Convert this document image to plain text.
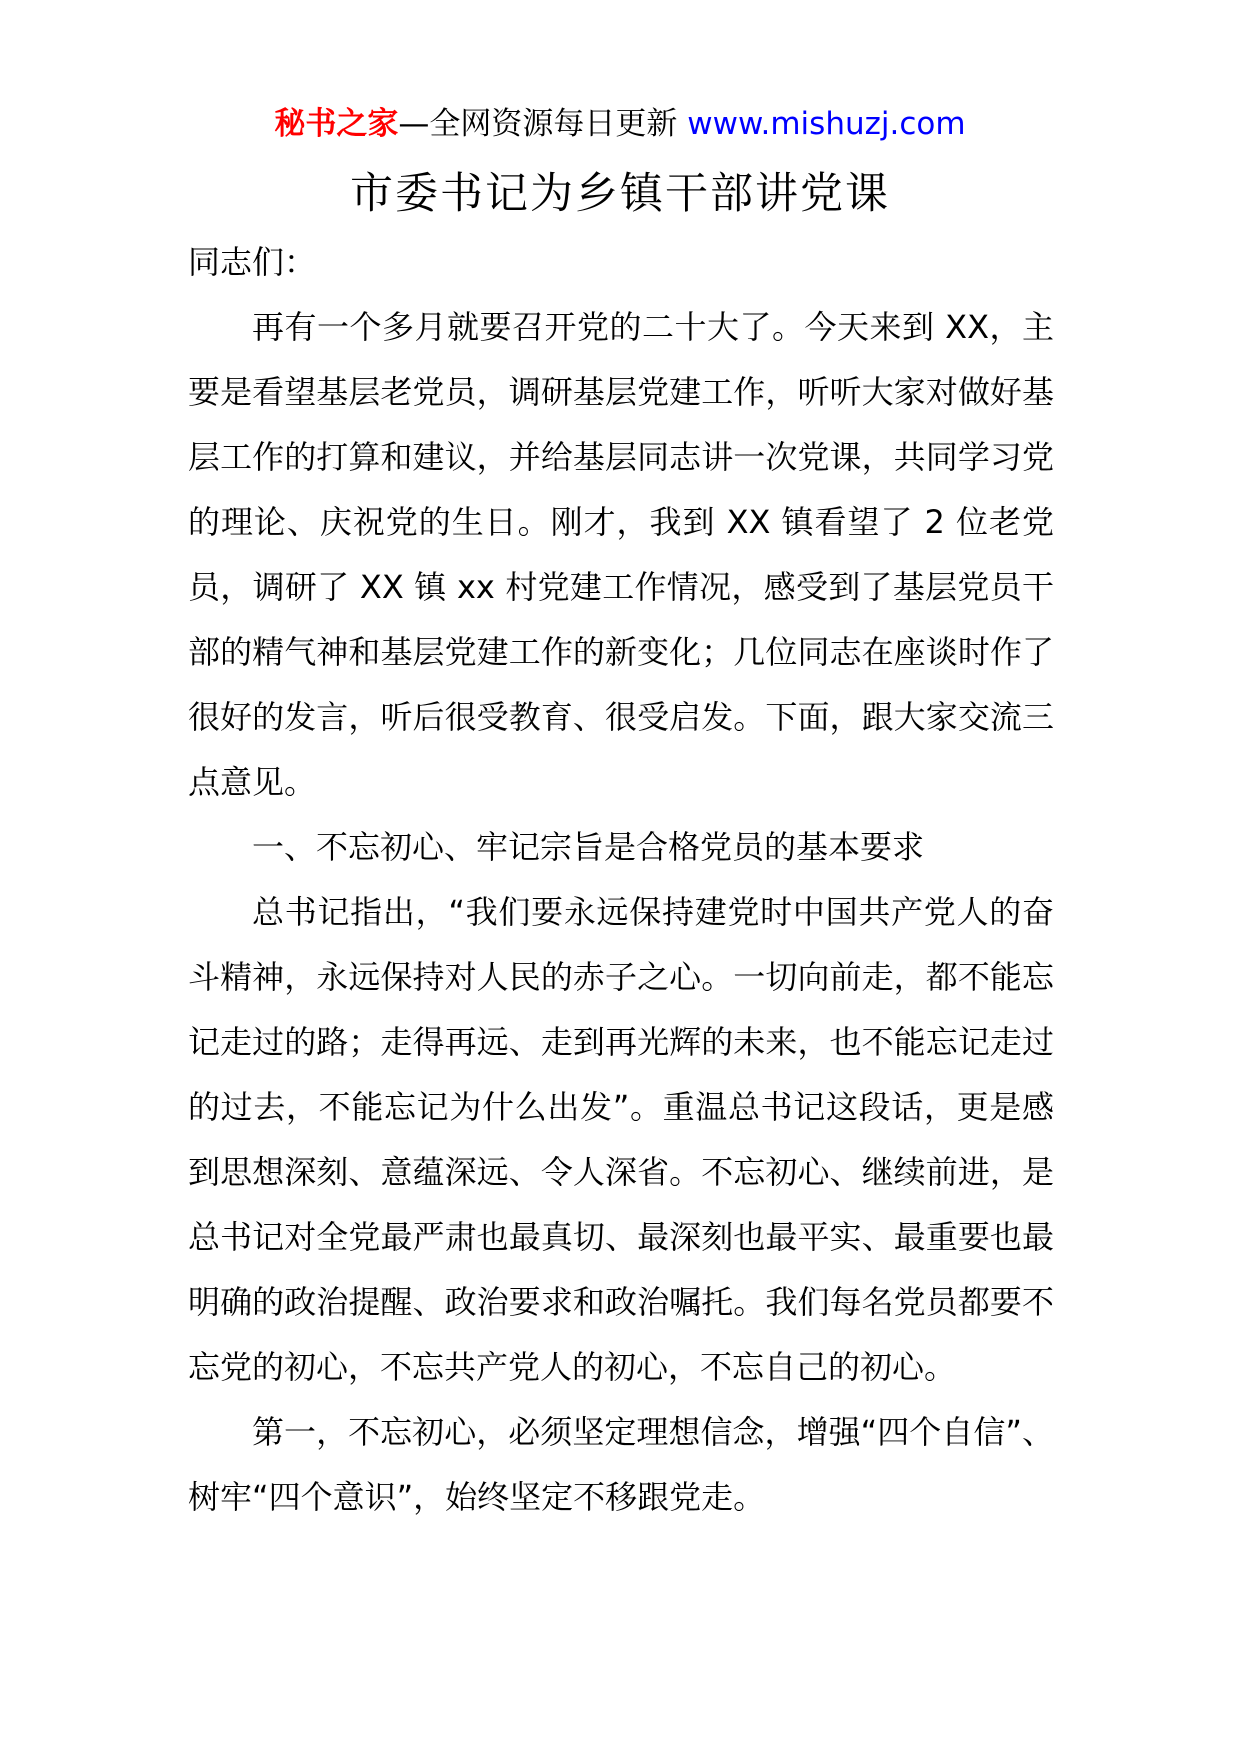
秘书之家—全网资源每日更新 www.mishuzj.com
市委书记为乡镇干部讲党课

同志们：

再有一个多月就要召开党的二十大了。今天来到 XX，主要是看望基层老党员，调研基层党建工作，听听大家对做好基层工作的打算和建议，并给基层同志讲一次党课，共同学习党的理论、庆祝党的生日。刚才，我到 XX 镇看望了 2 位老党员，调研了 XX 镇 xx 村党建工作情况，感受到了基层党员干部的精气神和基层党建工作的新变化；几位同志在座谈时作了很好的发言，听后很受教育、很受启发。下面，跟大家交流三点意见。

一、不忘初心、牢记宗旨是合格党员的基本要求

总书记指出，“我们要永远保持建党时中国共产党人的奋斗精神，永远保持对人民的赤子之心。一切向前走，都不能忘记走过的路；走得再远、走到再光辉的未来，也不能忘记走过的过去，不能忘记为什么出发”。重温总书记这段话，更是感到思想深刻、意蕴深远、令人深省。不忘初心、继续前进，是总书记对全党最严肃也最真切、最深刻也最平实、最重要也最明确的政治提醒、政治要求和政治嘱托。我们每名党员都要不忘党的初心，不忘共产党人的初心，不忘自己的初心。

第一，不忘初心，必须坚定理想信念，增强“四个自信”、树牢“四个意识”，始终坚定不移跟党走。
